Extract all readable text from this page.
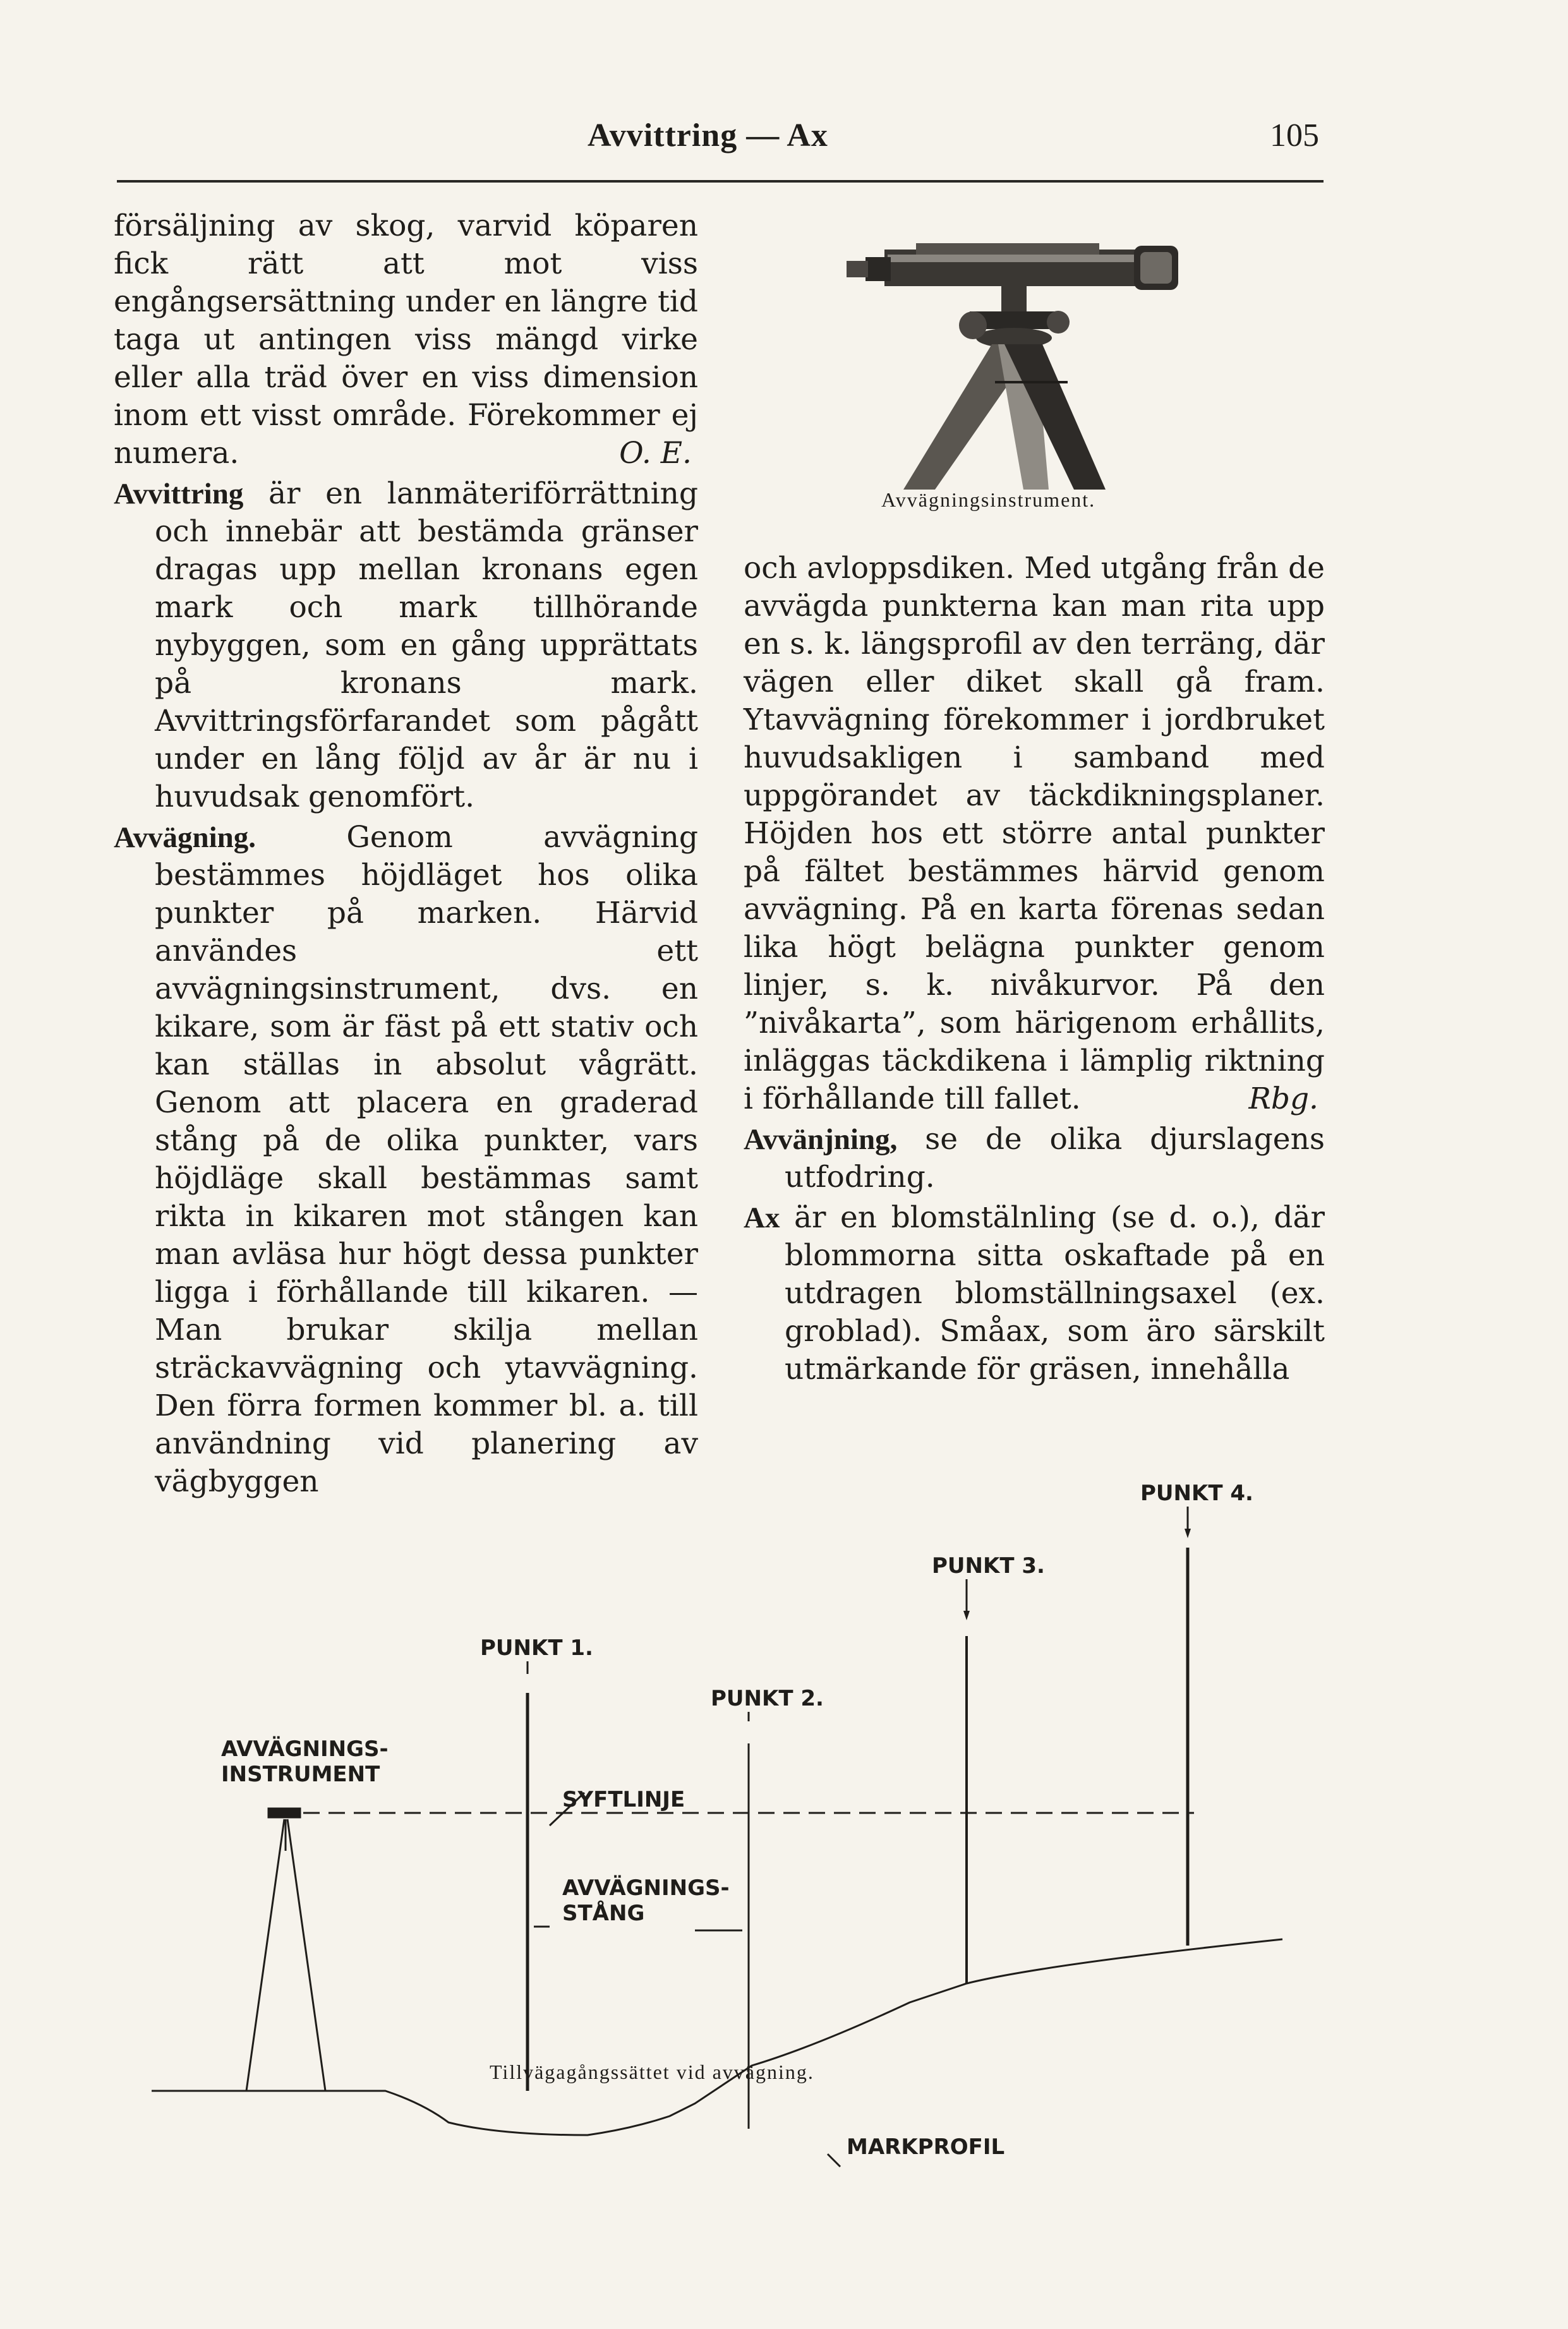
Avvittring — Ax	105

försäljning av skog, varvid köparen fick rätt att mot viss engångsersättning under en längre tid taga ut antingen viss mängd virke eller alla träd över en viss dimension inom ett visst område. Förekommer ej numera.	O. E.

Avvittring är en lanmäteriförrättning och innebär att bestämda gränser dragas upp mellan kronans egen mark och mark tillhörande nybyggen, som en gång upprättats på kronans mark. Avvittringsförfarandet som pågått under en lång följd av år är nu i huvudsak genomfört.

Avvägning. Genom avvägning bestämmes höjdläget hos olika punkter på marken. Härvid användes ett avvägningsinstrument, dvs. en kikare, som är fäst på ett stativ och kan ställas in absolut vågrätt. Genom att placera en graderad stång på de olika punkter, vars höjdläge skall bestämmas samt rikta in kikaren mot stången kan man avläsa hur högt dessa punkter ligga i förhållande till kikaren. — Man brukar skilja mellan sträckavvägning och ytavvägning. Den förra formen kommer bl. a. till användning vid planering av vägbyggen

Avvägningsinstrument.

och avloppsdiken. Med utgång från de avvägda punkterna kan man rita upp en s. k. längsprofil av den terräng, där vägen eller diket skall gå fram. Ytavvägning förekommer i jordbruket huvudsakligen i samband med uppgörandet av täckdikningsplaner. Höjden hos ett större antal punkter på fältet bestämmes härvid genom avvägning. På en karta förenas sedan lika högt belägna punkter genom linjer, s. k. nivåkurvor. På den ”nivåkarta”, som härigenom erhållits, inläggas täckdikena i lämplig riktning i förhållande till fallet.	Rbg.

Avvänjning, se de olika djurslagens utfodring.

Ax är en blomstälnling (se d. o.), där blommorna sitta oskaftade på en utdragen blomställningsaxel (ex. groblad). Småax, som äro särskilt utmärkande för gräsen, innehålla

AVVÄGNINGS-
INSTRUMENT
PUNKT 1.
PUNKT 2.
PUNKT 3.
PUNKT 4.
SYFTLINJE
AVVÄGNINGS-
STÅNG
MARKPROFIL
Tillvägagångssättet vid avvägning.
